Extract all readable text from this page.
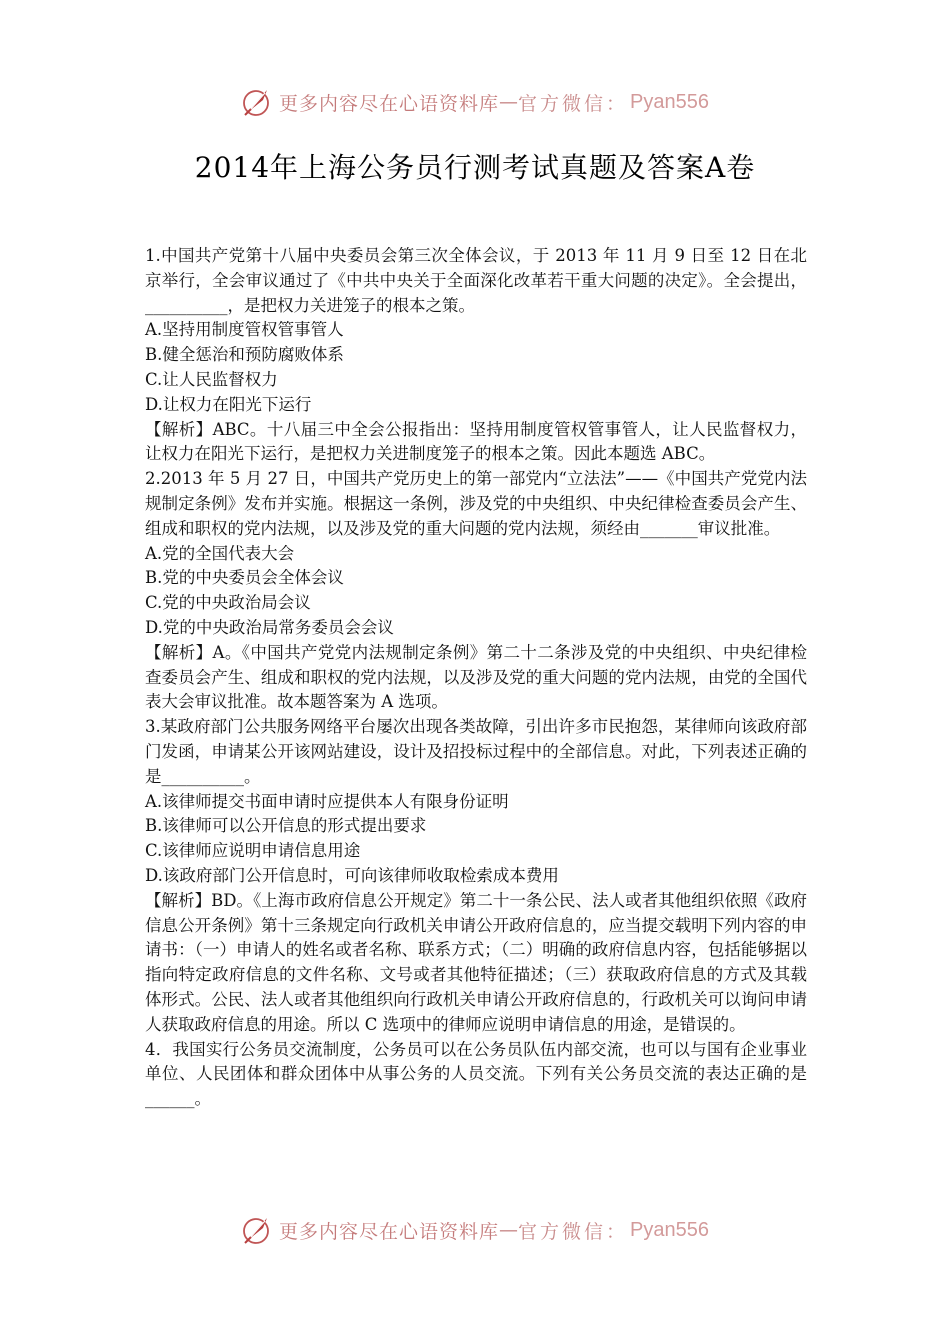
更多内容尽在心语资料库 — 官方微信： Pyan556
2014年上海公务员行测考试真题及答案A卷

1.中国共产党第十八届中央委员会第三次全体会议，于 2013 年 11 月 9 日至 12 日在北京举行，全会审议通过了《中共中央关于全面深化改革若干重大问题的决定》。全会提出，__________，是把权力关进笼子的根本之策。

A.坚持用制度管权管事管人

B.健全惩治和预防腐败体系

C.让人民监督权力

D.让权力在阳光下运行

【解析】ABC。十八届三中全会公报指出：坚持用制度管权管事管人，让人民监督权力，让权力在阳光下运行，是把权力关进制度笼子的根本之策。因此本题选 ABC。

2.2013 年 5 月 27 日，中国共产党历史上的第一部党内“立法法”——《中国共产党党内法规制定条例》发布并实施。根据这一条例，涉及党的中央组织、中央纪律检查委员会产生、组成和职权的党内法规，以及涉及党的重大问题的党内法规，须经由_______审议批准。

A.党的全国代表大会

B.党的中央委员会全体会议

C.党的中央政治局会议

D.党的中央政治局常务委员会会议

【解析】A。《中国共产党党内法规制定条例》第二十二条涉及党的中央组织、中央纪律检查委员会产生、组成和职权的党内法规，以及涉及党的重大问题的党内法规，由党的全国代表大会审议批准。故本题答案为 A 选项。

3.某政府部门公共服务网络平台屡次出现各类故障，引出许多市民抱怨，某律师向该政府部门发函，申请某公开该网站建设，设计及招投标过程中的全部信息。对此，下列表述正确的是__________。

A.该律师提交书面申请时应提供本人有限身份证明

B.该律师可以公开信息的形式提出要求

C.该律师应说明申请信息用途

D.该政府部门公开信息时，可向该律师收取检索成本费用

【解析】BD。《上海市政府信息公开规定》第二十一条公民、法人或者其他组织依照《政府信息公开条例》第十三条规定向行政机关申请公开政府信息的，应当提交载明下列内容的申请书：（一）申请人的姓名或者名称、联系方式；（二）明确的政府信息内容，包括能够据以指向特定政府信息的文件名称、文号或者其他特征描述；（三）获取政府信息的方式及其载体形式。公民、法人或者其他组织向行政机关申请公开政府信息的，行政机关可以询问申请人获取政府信息的用途。所以 C 选项中的律师应说明申请信息的用途，是错误的。

4．我国实行公务员交流制度，公务员可以在公务员队伍内部交流，也可以与国有企业事业单位、人民团体和群众团体中从事公务的人员交流。下列有关公务员交流的表达正确的是______。

更多内容尽在心语资料库 — 官方微信： Pyan556
